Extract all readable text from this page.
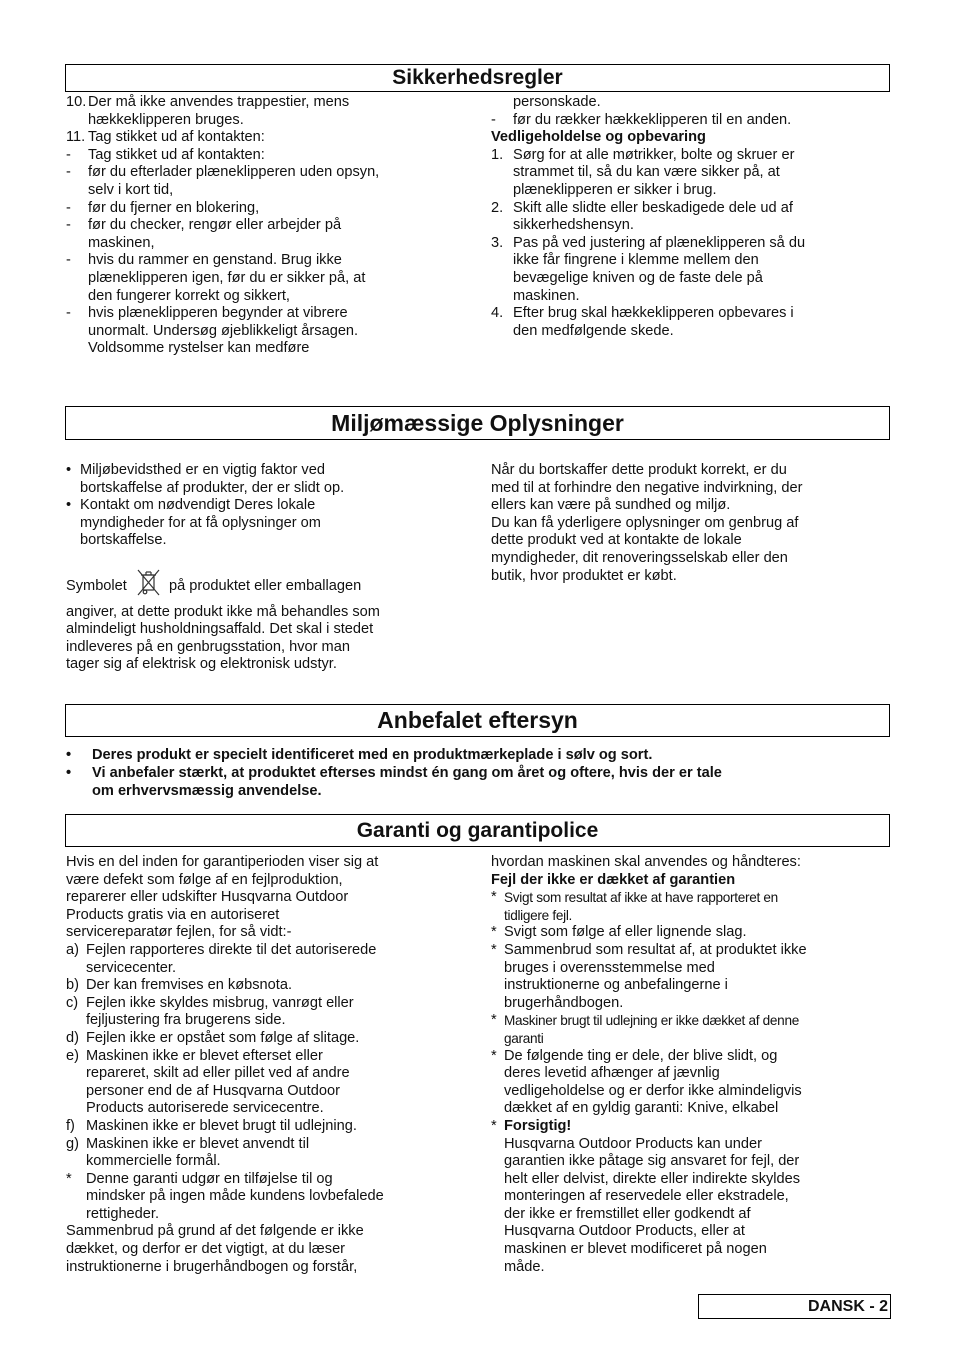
Sikkerhedsregler
Miljømæssige Oplysninger
Anbefalet eftersyn
Garanti og garantipolice
10. Der må ikke anvendes trappestier, mens
hækkeklipperen bruges.
11. Tag stikket ud af kontakten:
- Tag stikket ud af kontakten:
- før du efterlader plæneklipperen uden opsyn,
selv i kort tid,
- før du fjerner en blokering,
- før du checker, rengør eller arbejder på
maskinen,
- hvis du rammer en genstand. Brug ikke
plæneklipperen igen, før du er sikker på, at
den fungerer korrekt og sikkert,
- hvis plæneklipperen begynder at vibrere
unormalt. Undersøg øjeblikkeligt årsagen.
Voldsomme rystelser kan medføre
personskade.
- før du rækker hækkeklipperen til en anden.
Vedligeholdelse og opbevaring
1. Sørg for at alle møtrikker, bolte og skruer er
strammet til, så du kan være sikker på, at
plæneklipperen er sikker i brug.
2. Skift alle slidte eller beskadigede dele ud af
sikkerhedshensyn.
3. Pas på ved justering af plæneklipperen så du
ikke får fingrene i klemme mellem den
bevægelige kniven og de faste dele på
maskinen.
4. Efter brug skal hækkeklipperen opbevares i
den medfølgende skede.
• Miljøbevidsthed er en vigtig faktor ved
bortskaffelse af produkter, der er slidt op.
• Kontakt om nødvendigt Deres lokale
myndigheder for at få oplysninger om
bortskaffelse.
Symbolet	på produktet eller emballagen
angiver, at dette produkt ikke må behandles som
almindeligt husholdningsaffald. Det skal i stedet
indleveres på en genbrugsstation, hvor man
tager sig af elektrisk og elektronisk udstyr.
Når du bortskaffer dette produkt korrekt, er du
med til at forhindre den negative indvirkning, der
ellers kan være på sundhed og miljø.
Du kan få yderligere oplysninger om genbrug af
dette produkt ved at kontakte de lokale
myndigheder, dit renoveringsselskab eller den
butik, hvor produktet er købt.
• Deres produkt er specielt identificeret med en produktmærkeplade i sølv og sort.
• Vi anbefaler stærkt, at produktet efterses mindst én gang om året og oftere, hvis der er tale
om erhvervsmæssig anvendelse.
Hvis en del inden for garantiperioden viser sig at
være defekt som følge af en fejlproduktion,
reparerer eller udskifter Husqvarna Outdoor
Products gratis via en autoriseret
servicereparatør fejlen, for så vidt:-
a) Fejlen rapporteres direkte til det autoriserede
servicecenter.
b) Der kan fremvises en købsnota.
c) Fejlen ikke skyldes misbrug, vanrøgt eller
fejljustering fra brugerens side.
d) Fejlen ikke er opstået som følge af slitage.
e) Maskinen ikke er blevet efterset eller
repareret, skilt ad eller pillet ved af andre
personer end de af Husqvarna Outdoor
Products autoriserede servicecentre.
f) Maskinen ikke er blevet brugt til udlejning.
g) Maskinen ikke er blevet anvendt til
kommercielle formål.
* Denne garanti udgør en tilføjelse til og
mindsker på ingen måde kundens lovbefalede
rettigheder.
Sammenbrud på grund af det følgende er ikke
dækket, og derfor er det vigtigt, at du læser
instruktionerne i brugerhåndbogen og forstår,
hvordan maskinen skal anvendes og håndteres:
Fejl der ikke er dækket af garantien
* Svigt som resultat af ikke at have rapporteret en
tidligere fejl.
* Svigt som følge af eller lignende slag.
* Sammenbrud som resultat af, at produktet ikke
bruges i overensstemmelse med
instruktionerne og anbefalingerne i
brugerhåndbogen.
* Maskiner brugt til udlejning er ikke dækket af denne
garanti
* De følgende ting er dele, der blive slidt, og
deres levetid afhænger af jævnlig
vedligeholdelse og er derfor ikke almindeligvis
dækket af en gyldig garanti: Knive, elkabel
* Forsigtig!
Husqvarna Outdoor Products kan under
garantien ikke påtage sig ansvaret for fejl, der
helt eller delvist, direkte eller indirekte skyldes
monteringen af reservedele eller ekstradele,
der ikke er fremstillet eller godkendt af
Husqvarna Outdoor Products, eller at
maskinen er blevet modificeret på nogen
måde.
DANSK - 2
